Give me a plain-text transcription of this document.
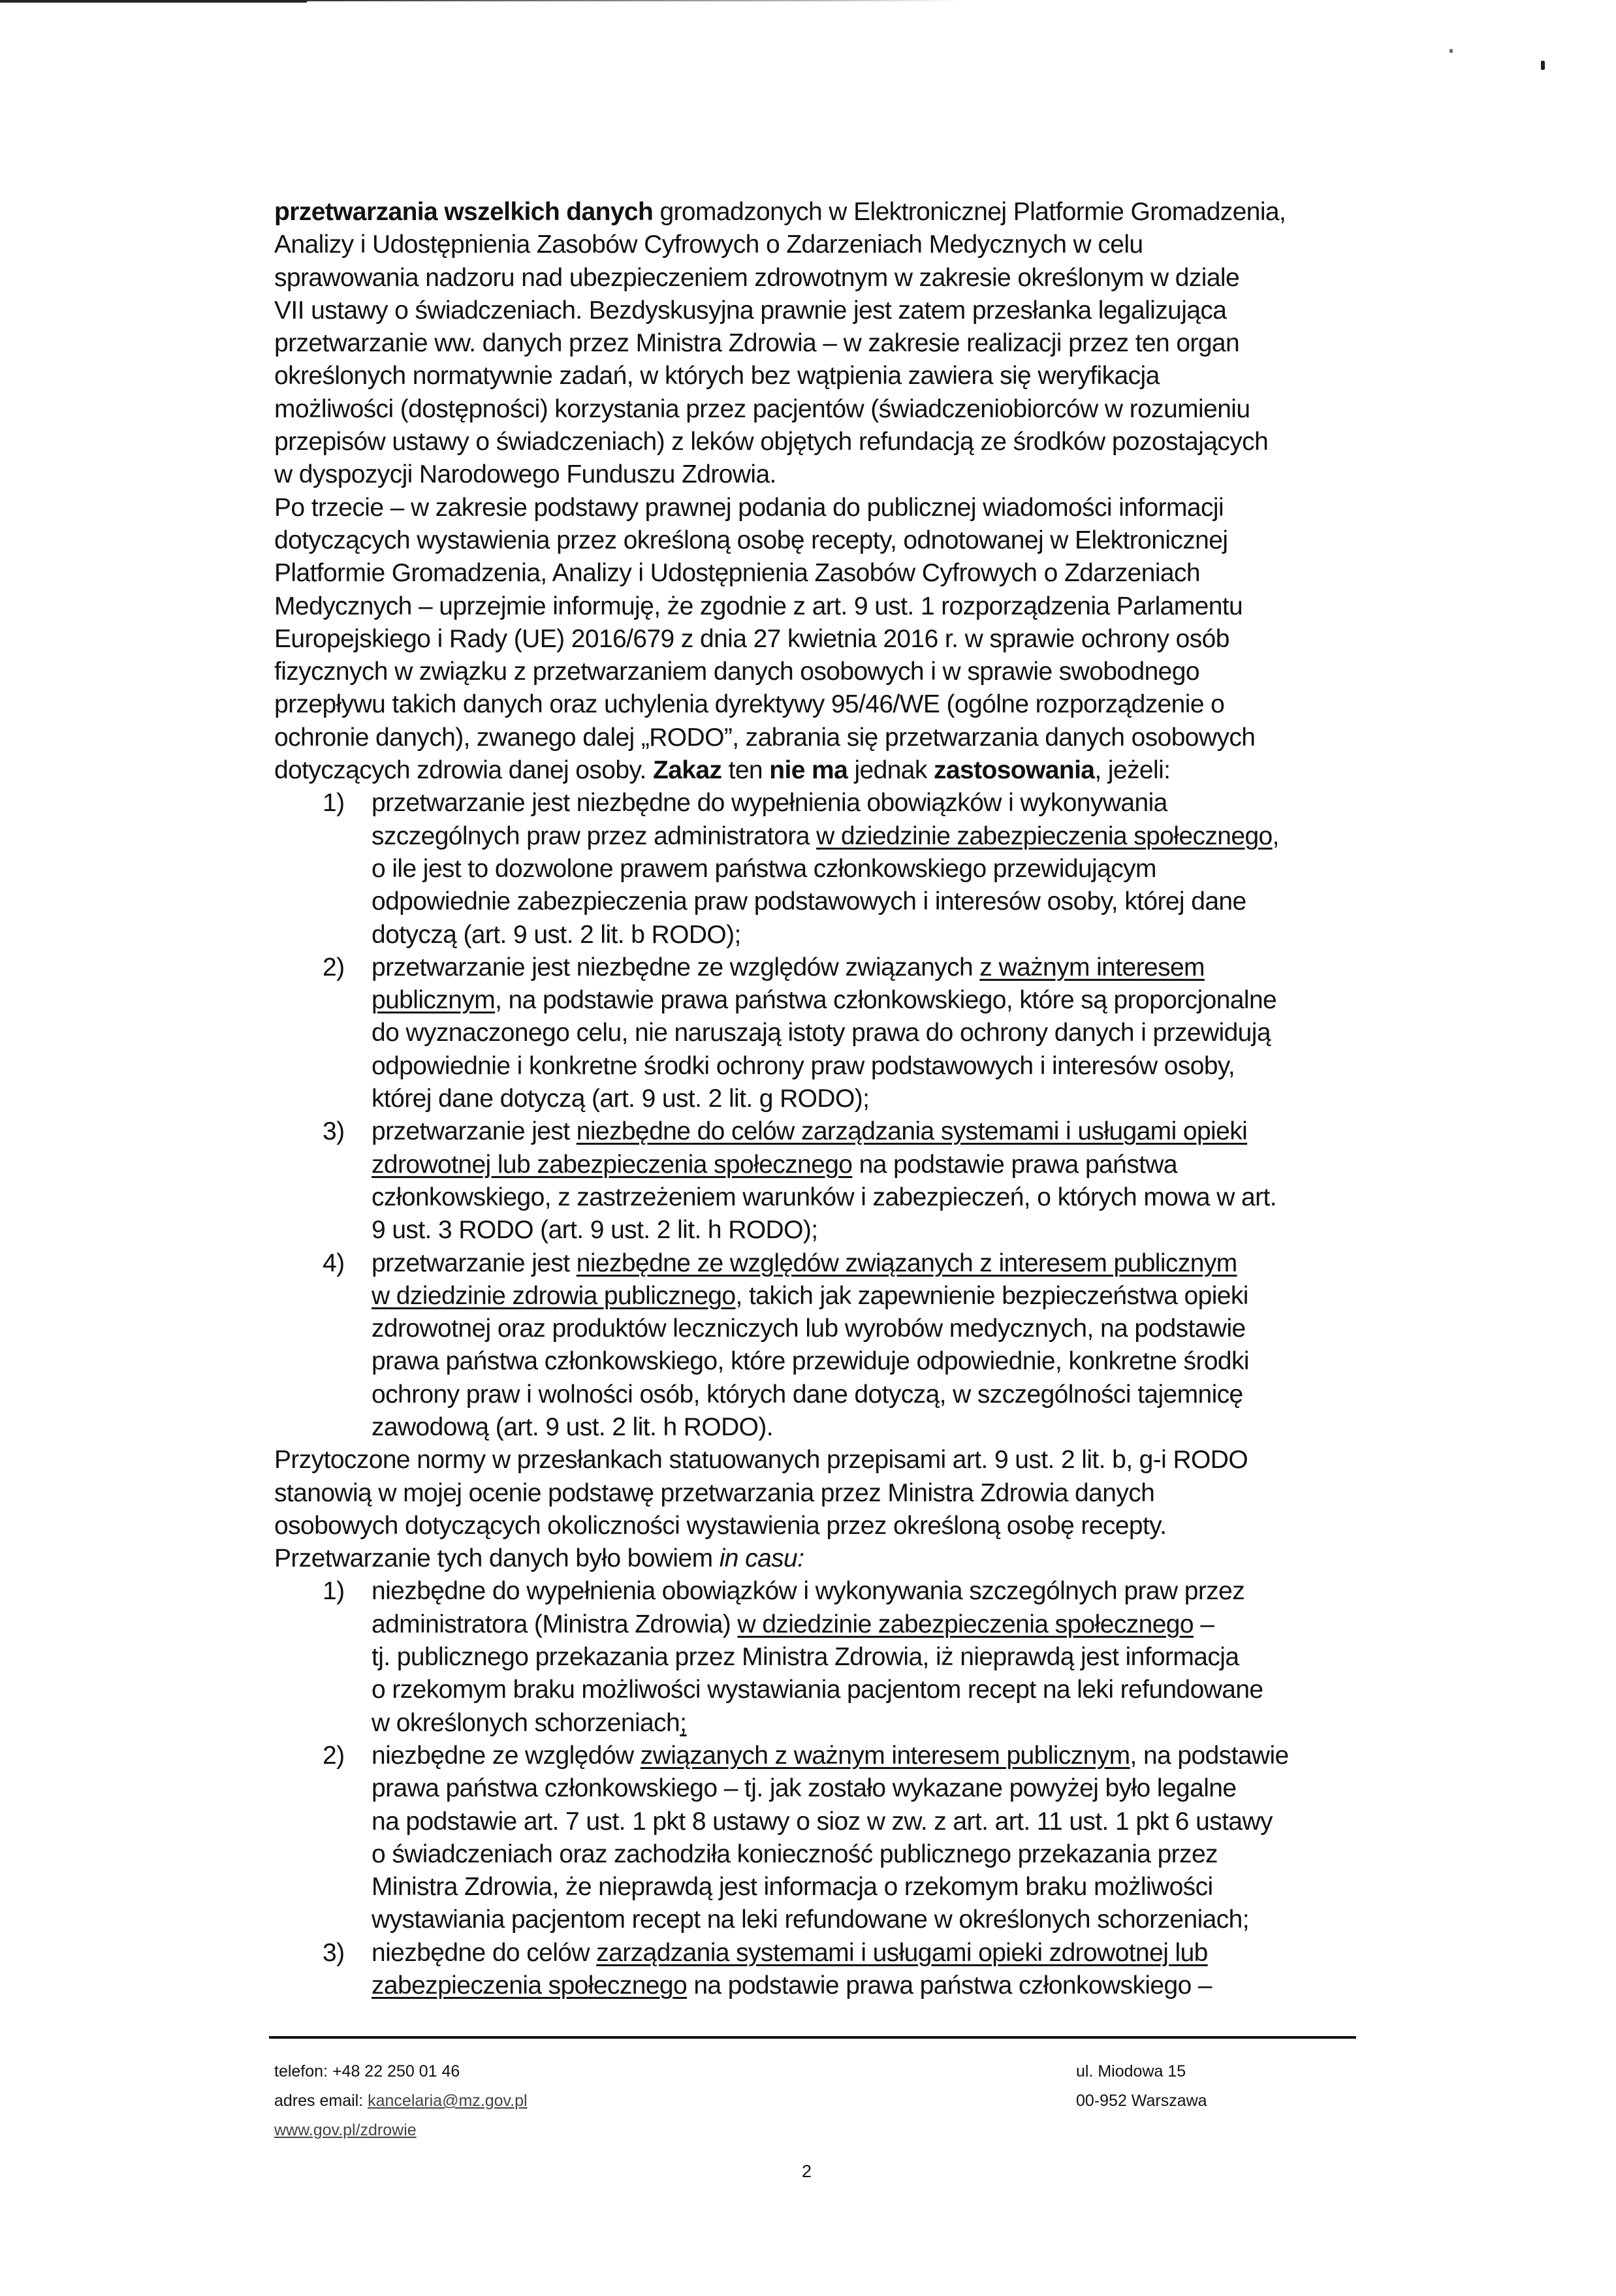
przetwarzania wszelkich danych gromadzonych w Elektronicznej Platformie Gromadzenia,
Analizy i Udostępnienia Zasobów Cyfrowych o Zdarzeniach Medycznych w celu
sprawowania nadzoru nad ubezpieczeniem zdrowotnym w zakresie określonym w dziale
VII ustawy o świadczeniach. Bezdyskusyjna prawnie jest zatem przesłanka legalizująca
przetwarzanie ww. danych przez Ministra Zdrowia – w zakresie realizacji przez ten organ
określonych normatywnie zadań, w których bez wątpienia zawiera się weryfikacja
możliwości (dostępności) korzystania przez pacjentów (świadczeniobiorców w rozumieniu
przepisów ustawy o świadczeniach) z leków objętych refundacją ze środków pozostających
w dyspozycji Narodowego Funduszu Zdrowia.
Po trzecie – w zakresie podstawy prawnej podania do publicznej wiadomości informacji
dotyczących wystawienia przez określoną osobę recepty, odnotowanej w Elektronicznej
Platformie Gromadzenia, Analizy i Udostępnienia Zasobów Cyfrowych o Zdarzeniach
Medycznych – uprzejmie informuję, że zgodnie z art. 9 ust. 1 rozporządzenia Parlamentu
Europejskiego i Rady (UE) 2016/679 z dnia 27 kwietnia 2016 r. w sprawie ochrony osób
fizycznych w związku z przetwarzaniem danych osobowych i w sprawie swobodnego
przepływu takich danych oraz uchylenia dyrektywy 95/46/WE (ogólne rozporządzenie o
ochronie danych), zwanego dalej „RODO”, zabrania się przetwarzania danych osobowych
dotyczących zdrowia danej osoby. Zakaz ten nie ma jednak zastosowania, jeżeli:
1) przetwarzanie jest niezbędne do wypełnienia obowiązków i wykonywania
szczególnych praw przez administratora w dziedzinie zabezpieczenia społecznego,
o ile jest to dozwolone prawem państwa członkowskiego przewidującym
odpowiednie zabezpieczenia praw podstawowych i interesów osoby, której dane
dotyczą (art. 9 ust. 2 lit. b RODO);
2) przetwarzanie jest niezbędne ze względów związanych z ważnym interesem
publicznym, na podstawie prawa państwa członkowskiego, które są proporcjonalne
do wyznaczonego celu, nie naruszają istoty prawa do ochrony danych i przewidują
odpowiednie i konkretne środki ochrony praw podstawowych i interesów osoby,
której dane dotyczą (art. 9 ust. 2 lit. g RODO);
3) przetwarzanie jest niezbędne do celów zarządzania systemami i usługami opieki
zdrowotnej lub zabezpieczenia społecznego na podstawie prawa państwa
członkowskiego, z zastrzeżeniem warunków i zabezpieczeń, o których mowa w art.
9 ust. 3 RODO (art. 9 ust. 2 lit. h RODO);
4) przetwarzanie jest niezbędne ze względów związanych z interesem publicznym
w dziedzinie zdrowia publicznego, takich jak zapewnienie bezpieczeństwa opieki
zdrowotnej oraz produktów leczniczych lub wyrobów medycznych, na podstawie
prawa państwa członkowskiego, które przewiduje odpowiednie, konkretne środki
ochrony praw i wolności osób, których dane dotyczą, w szczególności tajemnicę
zawodową (art. 9 ust. 2 lit. h RODO).
Przytoczone normy w przesłankach statuowanych przepisami art. 9 ust. 2 lit. b, g-i RODO
stanowią w mojej ocenie podstawę przetwarzania przez Ministra Zdrowia danych
osobowych dotyczących okoliczności wystawienia przez określoną osobę recepty.
Przetwarzanie tych danych było bowiem in casu:
1) niezbędne do wypełnienia obowiązków i wykonywania szczególnych praw przez
administratora (Ministra Zdrowia) w dziedzinie zabezpieczenia społecznego –
tj. publicznego przekazania przez Ministra Zdrowia, iż nieprawdą jest informacja
o rzekomym braku możliwości wystawiania pacjentom recept na leki refundowane
w określonych schorzeniach;
2) niezbędne ze względów związanych z ważnym interesem publicznym, na podstawie
prawa państwa członkowskiego – tj. jak zostało wykazane powyżej było legalne
na podstawie art. 7 ust. 1 pkt 8 ustawy o sioz w zw. z art. art. 11 ust. 1 pkt 6 ustawy
o świadczeniach oraz zachodziła konieczność publicznego przekazania przez
Ministra Zdrowia, że nieprawdą jest informacja o rzekomym braku możliwości
wystawiania pacjentom recept na leki refundowane w określonych schorzeniach;
3) niezbędne do celów zarządzania systemami i usługami opieki zdrowotnej lub
zabezpieczenia społecznego na podstawie prawa państwa członkowskiego –
telefon: +48 22 250 01 46
adres email: kancelaria@mz.gov.pl
www.gov.pl/zdrowie
ul. Miodowa 15
00-952 Warszawa
2
